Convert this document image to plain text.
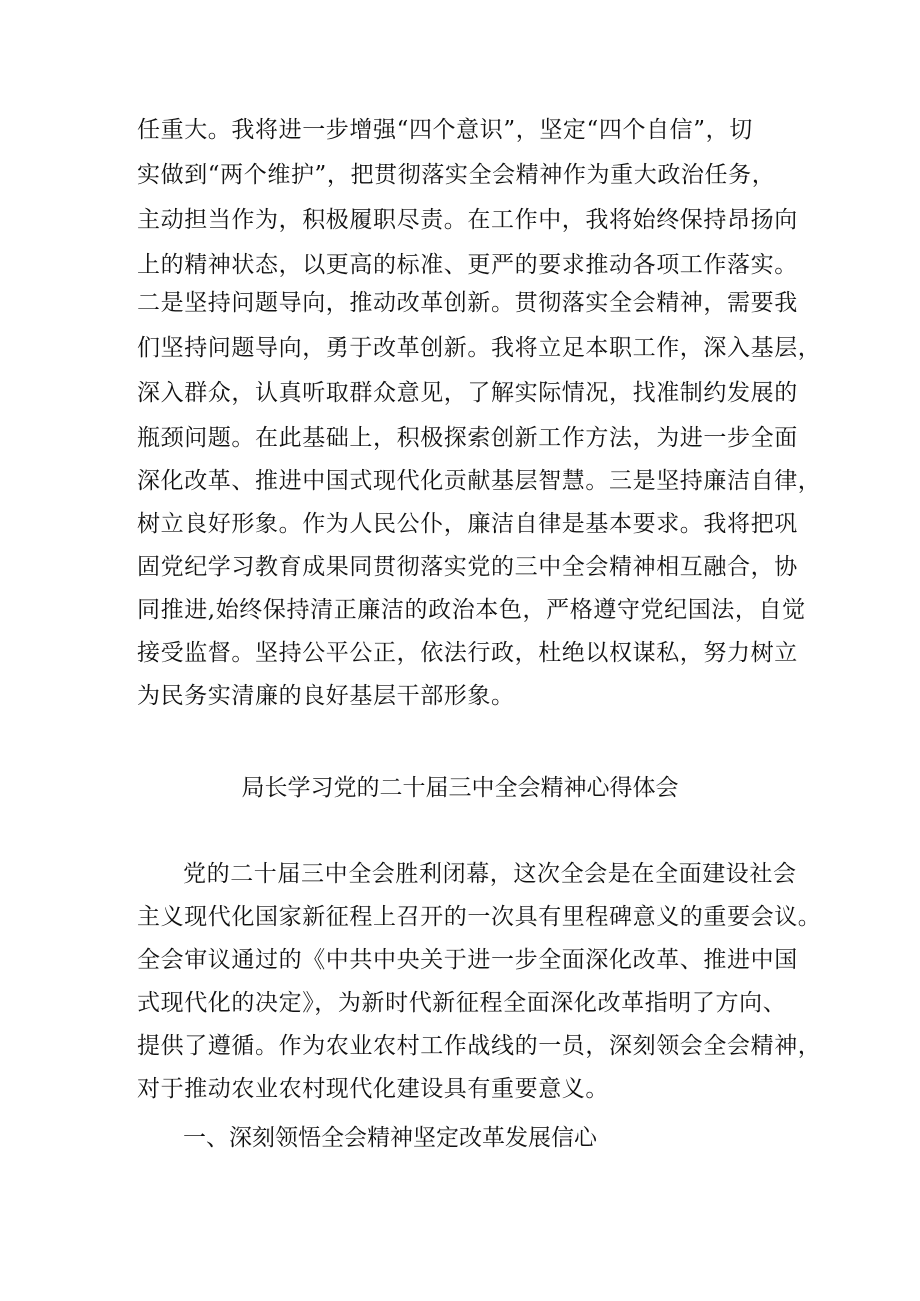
任重大。我将进一步增强“四个意识”，坚定“四个自信”，切
实做到“两个维护”，把贯彻落实全会精神作为重大政治任务，
主动担当作为，积极履职尽责。在工作中，我将始终保持昂扬向
上的精神状态，以更高的标准、更严的要求推动各项工作落实。
二是坚持问题导向，推动改革创新。贯彻落实全会精神，需要我
们坚持问题导向，勇于改革创新。我将立足本职工作，深入基层，
深入群众，认真听取群众意见，了解实际情况，找准制约发展的
瓶颈问题。在此基础上，积极探索创新工作方法，为进一步全面
深化改革、推进中国式现代化贡献基层智慧。三是坚持廉洁自律，
树立良好形象。作为人民公仆，廉洁自律是基本要求。我将把巩
固党纪学习教育成果同贯彻落实党的三中全会精神相互融合，协
同推进,始终保持清正廉洁的政治本色，严格遵守党纪国法，自觉
接受监督。坚持公平公正，依法行政，杜绝以权谋私，努力树立
为民务实清廉的良好基层干部形象。
局长学习党的二十届三中全会精神心得体会
党的二十届三中全会胜利闭幕，这次全会是在全面建设社会
主义现代化国家新征程上召开的一次具有里程碑意义的重要会议。
全会审议通过的《中共中央关于进一步全面深化改革、推进中国
式现代化的决定》，为新时代新征程全面深化改革指明了方向、
提供了遵循。作为农业农村工作战线的一员，深刻领会全会精神，
对于推动农业农村现代化建设具有重要意义。
一、深刻领悟全会精神坚定改革发展信心
